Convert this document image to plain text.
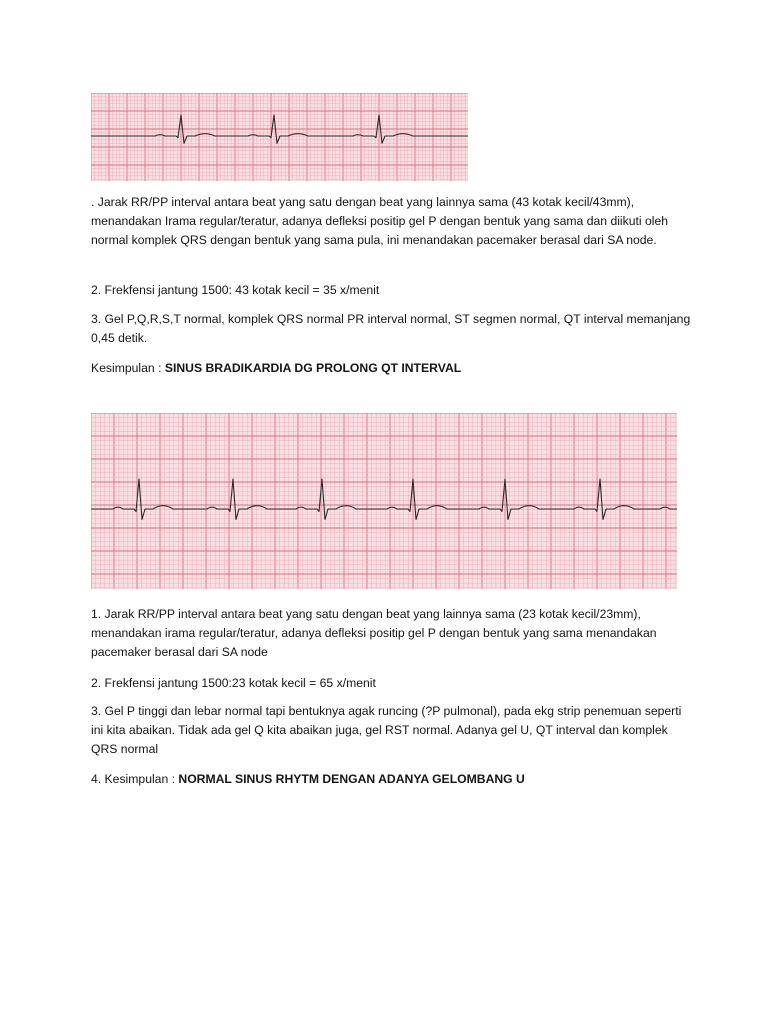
. Jarak RR/PP interval antara beat yang satu dengan beat yang lainnya sama (43 kotak kecil/43mm), menandakan Irama regular/teratur, adanya defleksi positip gel P dengan bentuk yang sama dan diikuti oleh normal komplek QRS dengan bentuk yang sama pula, ini menandakan pacemaker berasal dari SA node.

2. Frekfensi jantung 1500: 43 kotak kecil = 35 x/menit

3. Gel P,Q,R,S,T normal, komplek QRS normal PR interval normal, ST segmen normal, QT interval memanjang 0,45 detik.

Kesimpulan : SINUS BRADIKARDIA DG PROLONG QT INTERVAL

1. Jarak RR/PP interval antara beat yang satu dengan beat yang lainnya sama (23 kotak kecil/23mm), menandakan irama regular/teratur, adanya defleksi positip gel P dengan bentuk yang sama menandakan pacemaker berasal dari SA node

2. Frekfensi jantung 1500:23 kotak kecil = 65 x/menit

3. Gel P tinggi dan lebar normal tapi bentuknya agak runcing (?P pulmonal), pada ekg strip penemuan seperti ini kita abaikan. Tidak ada gel Q kita abaikan juga, gel RST normal. Adanya gel U, QT interval dan komplek QRS normal

4. Kesimpulan : NORMAL SINUS RHYTM DENGAN ADANYA GELOMBANG U
